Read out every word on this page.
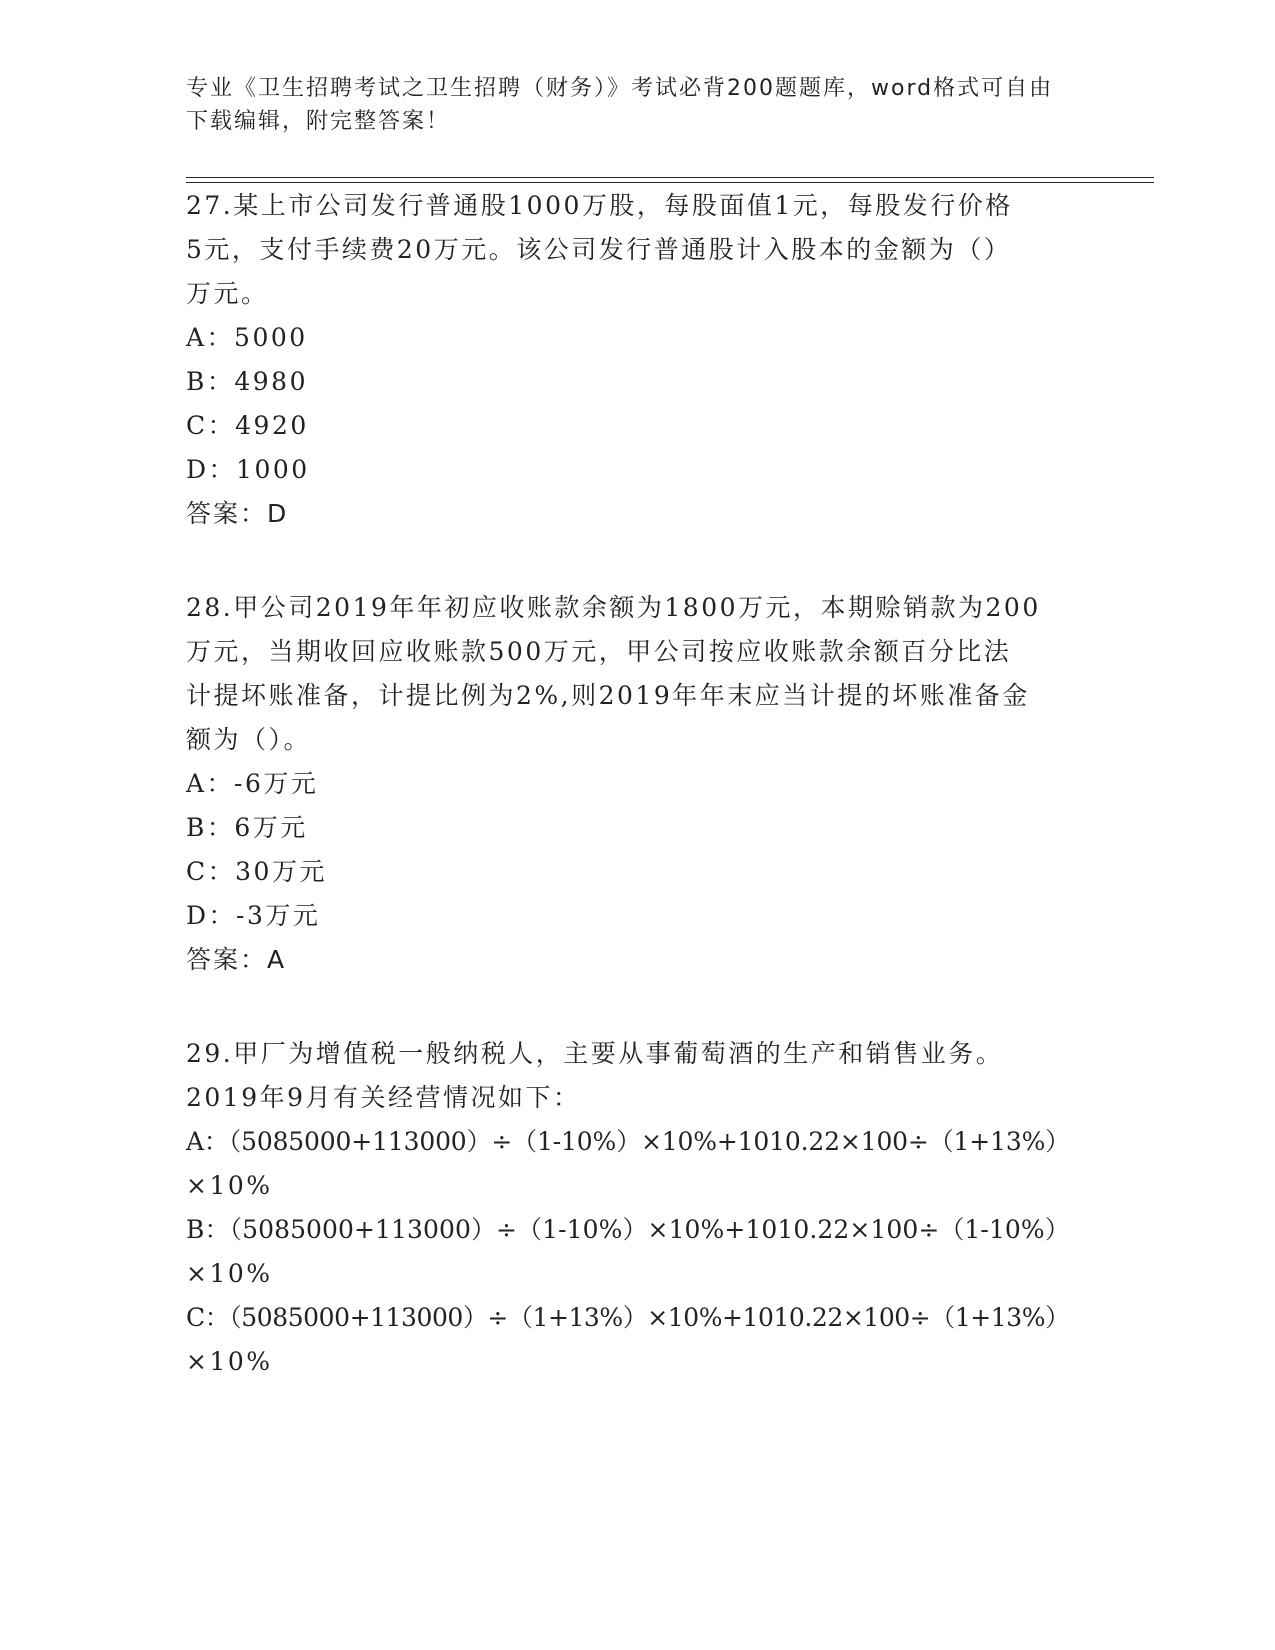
专业《卫生招聘考试之卫生招聘（财务）》考试必背200题题库，word格式可自由下载编辑，附完整答案！
27.某上市公司发行普通股1000万股，每股面值1元，每股发行价格
5元，支付手续费20万元。该公司发行普通股计入股本的金额为（）
万元。
A：5000
B：4980
C：4920
D：1000
答案：D
28.甲公司2019年年初应收账款余额为1800万元，本期赊销款为200
万元，当期收回应收账款500万元，甲公司按应收账款余额百分比法
计提坏账准备，计提比例为2%,则2019年年末应当计提的坏账准备金
额为（）。
A：-6万元
B：6万元
C：30万元
D：-3万元
答案：A
29.甲厂为增值税一般纳税人，主要从事葡萄酒的生产和销售业务。
2019年9月有关经营情况如下：
A：（5085000+113000）÷（1-10%）×10%+1010.22×100÷（1+13%）
×10%
B：（5085000+113000）÷（1-10%）×10%+1010.22×100÷（1-10%）
×10%
C：（5085000+113000）÷（1+13%）×10%+1010.22×100÷（1+13%）
×10%
